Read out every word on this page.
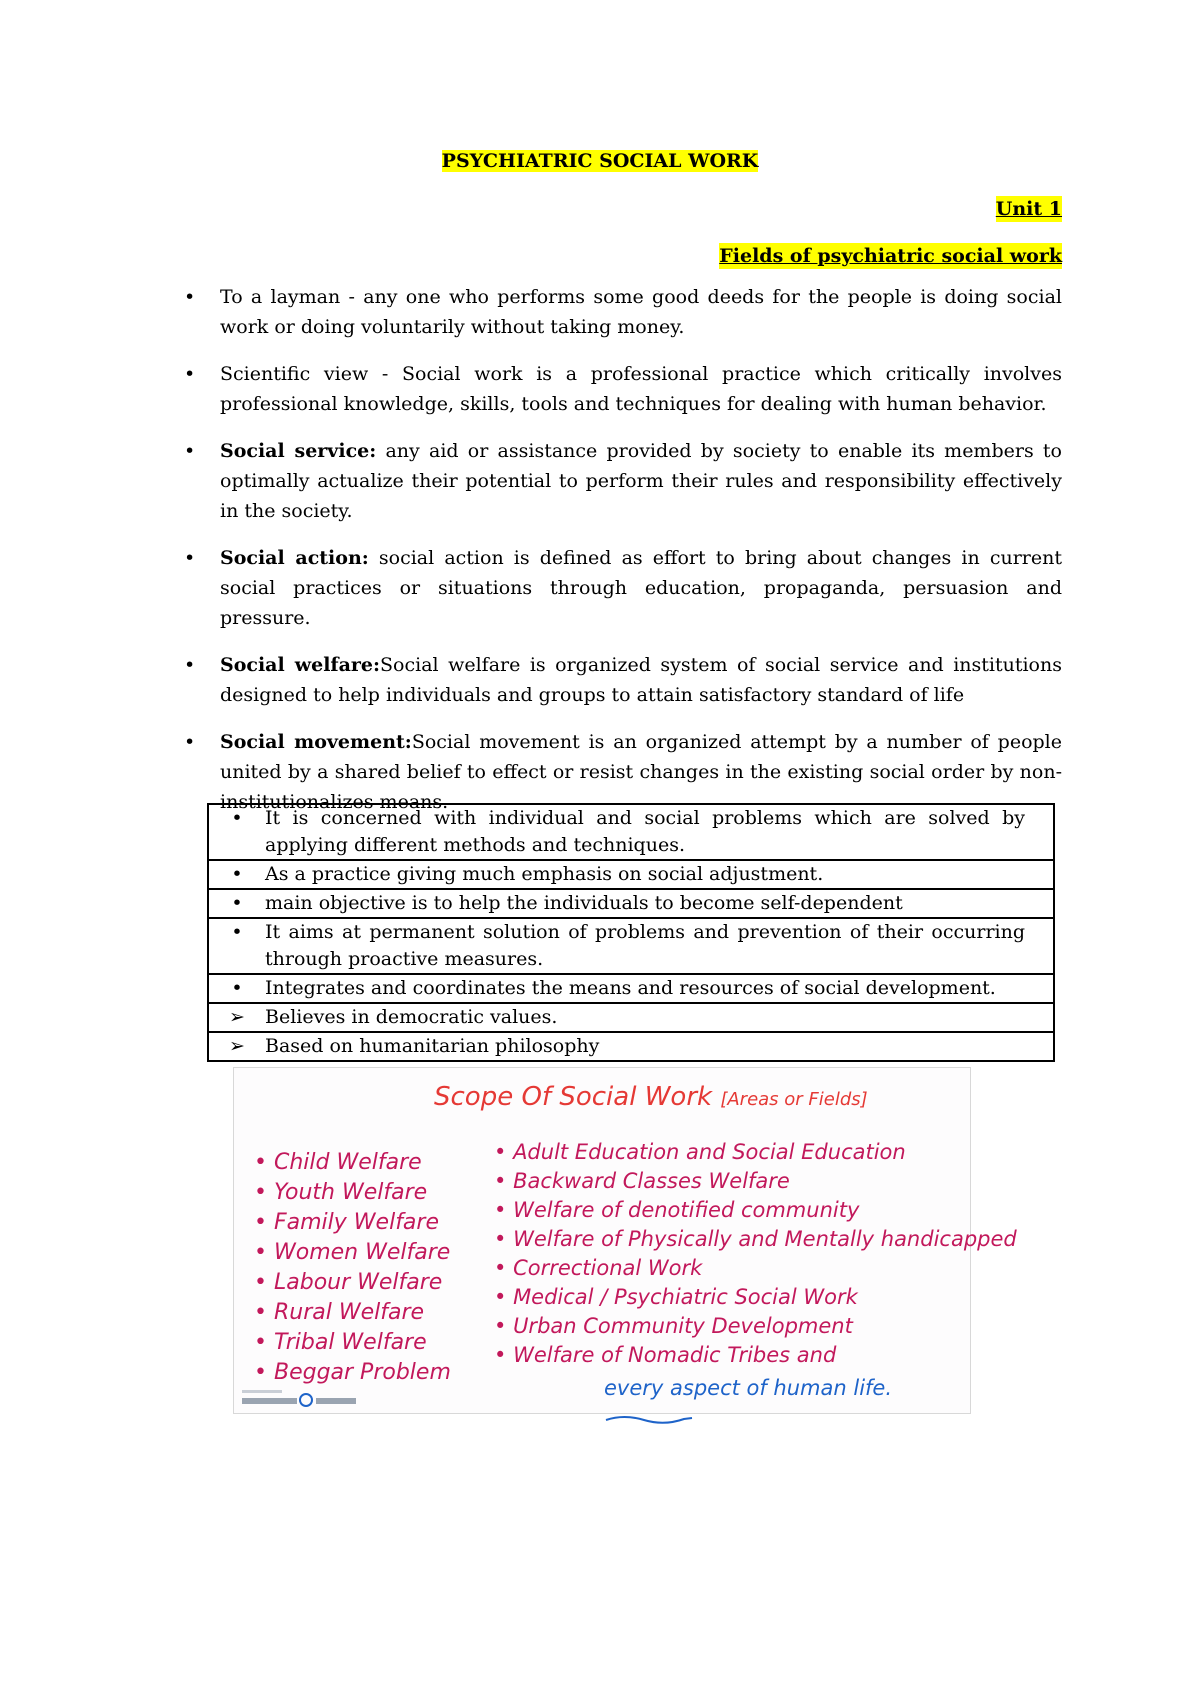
PSYCHIATRIC SOCIAL WORK
Unit 1
Fields of psychiatric social work
• To a layman - any one who performs some good deeds for the people is doing social work or doing voluntarily without taking money.
• Scientific view - Social work is a professional practice which critically involves professional knowledge, skills, tools and techniques for dealing with human behavior.
• Social service: any aid or assistance provided by society to enable its members to optimally actualize their potential to perform their rules and responsibility effectively in the society.
• Social action: social action is defined as effort to bring about changes in current social practices or situations through education, propaganda, persuasion and pressure.
• Social welfare:Social welfare is organized system of social service and institutions designed to help individuals and groups to attain satisfactory standard of life
• Social movement:Social movement is an organized attempt by a number of people united by a shared belief to effect or resist changes in the existing social order by non-institutionalizes means.
• It is concerned with individual and social problems which are solved by applying different methods and techniques.
• As a practice giving much emphasis on social adjustment.
•main objective is to help the individuals to become self-dependent
• It aims at permanent solution of problems and prevention of their occurring through proactive measures.
• Integrates and coordinates the means and resources of social development.
➢ Believes in democratic values.
➢ Based on humanitarian philosophy
Scope Of Social Work [Areas or Fields]
• Child Welfare
• Youth Welfare
• Family Welfare
• Women Welfare
• Labour Welfare
• Rural Welfare
• Tribal Welfare
• Beggar Problem
• Adult Education and Social Education
• Backward Classes Welfare
• Welfare of denotified community
• Welfare of Physically and Mentally handicapped
• Correctional Work
• Medical / Psychiatric Social Work
• Urban Community Development
• Welfare of Nomadic Tribes and
every aspect of human life.
